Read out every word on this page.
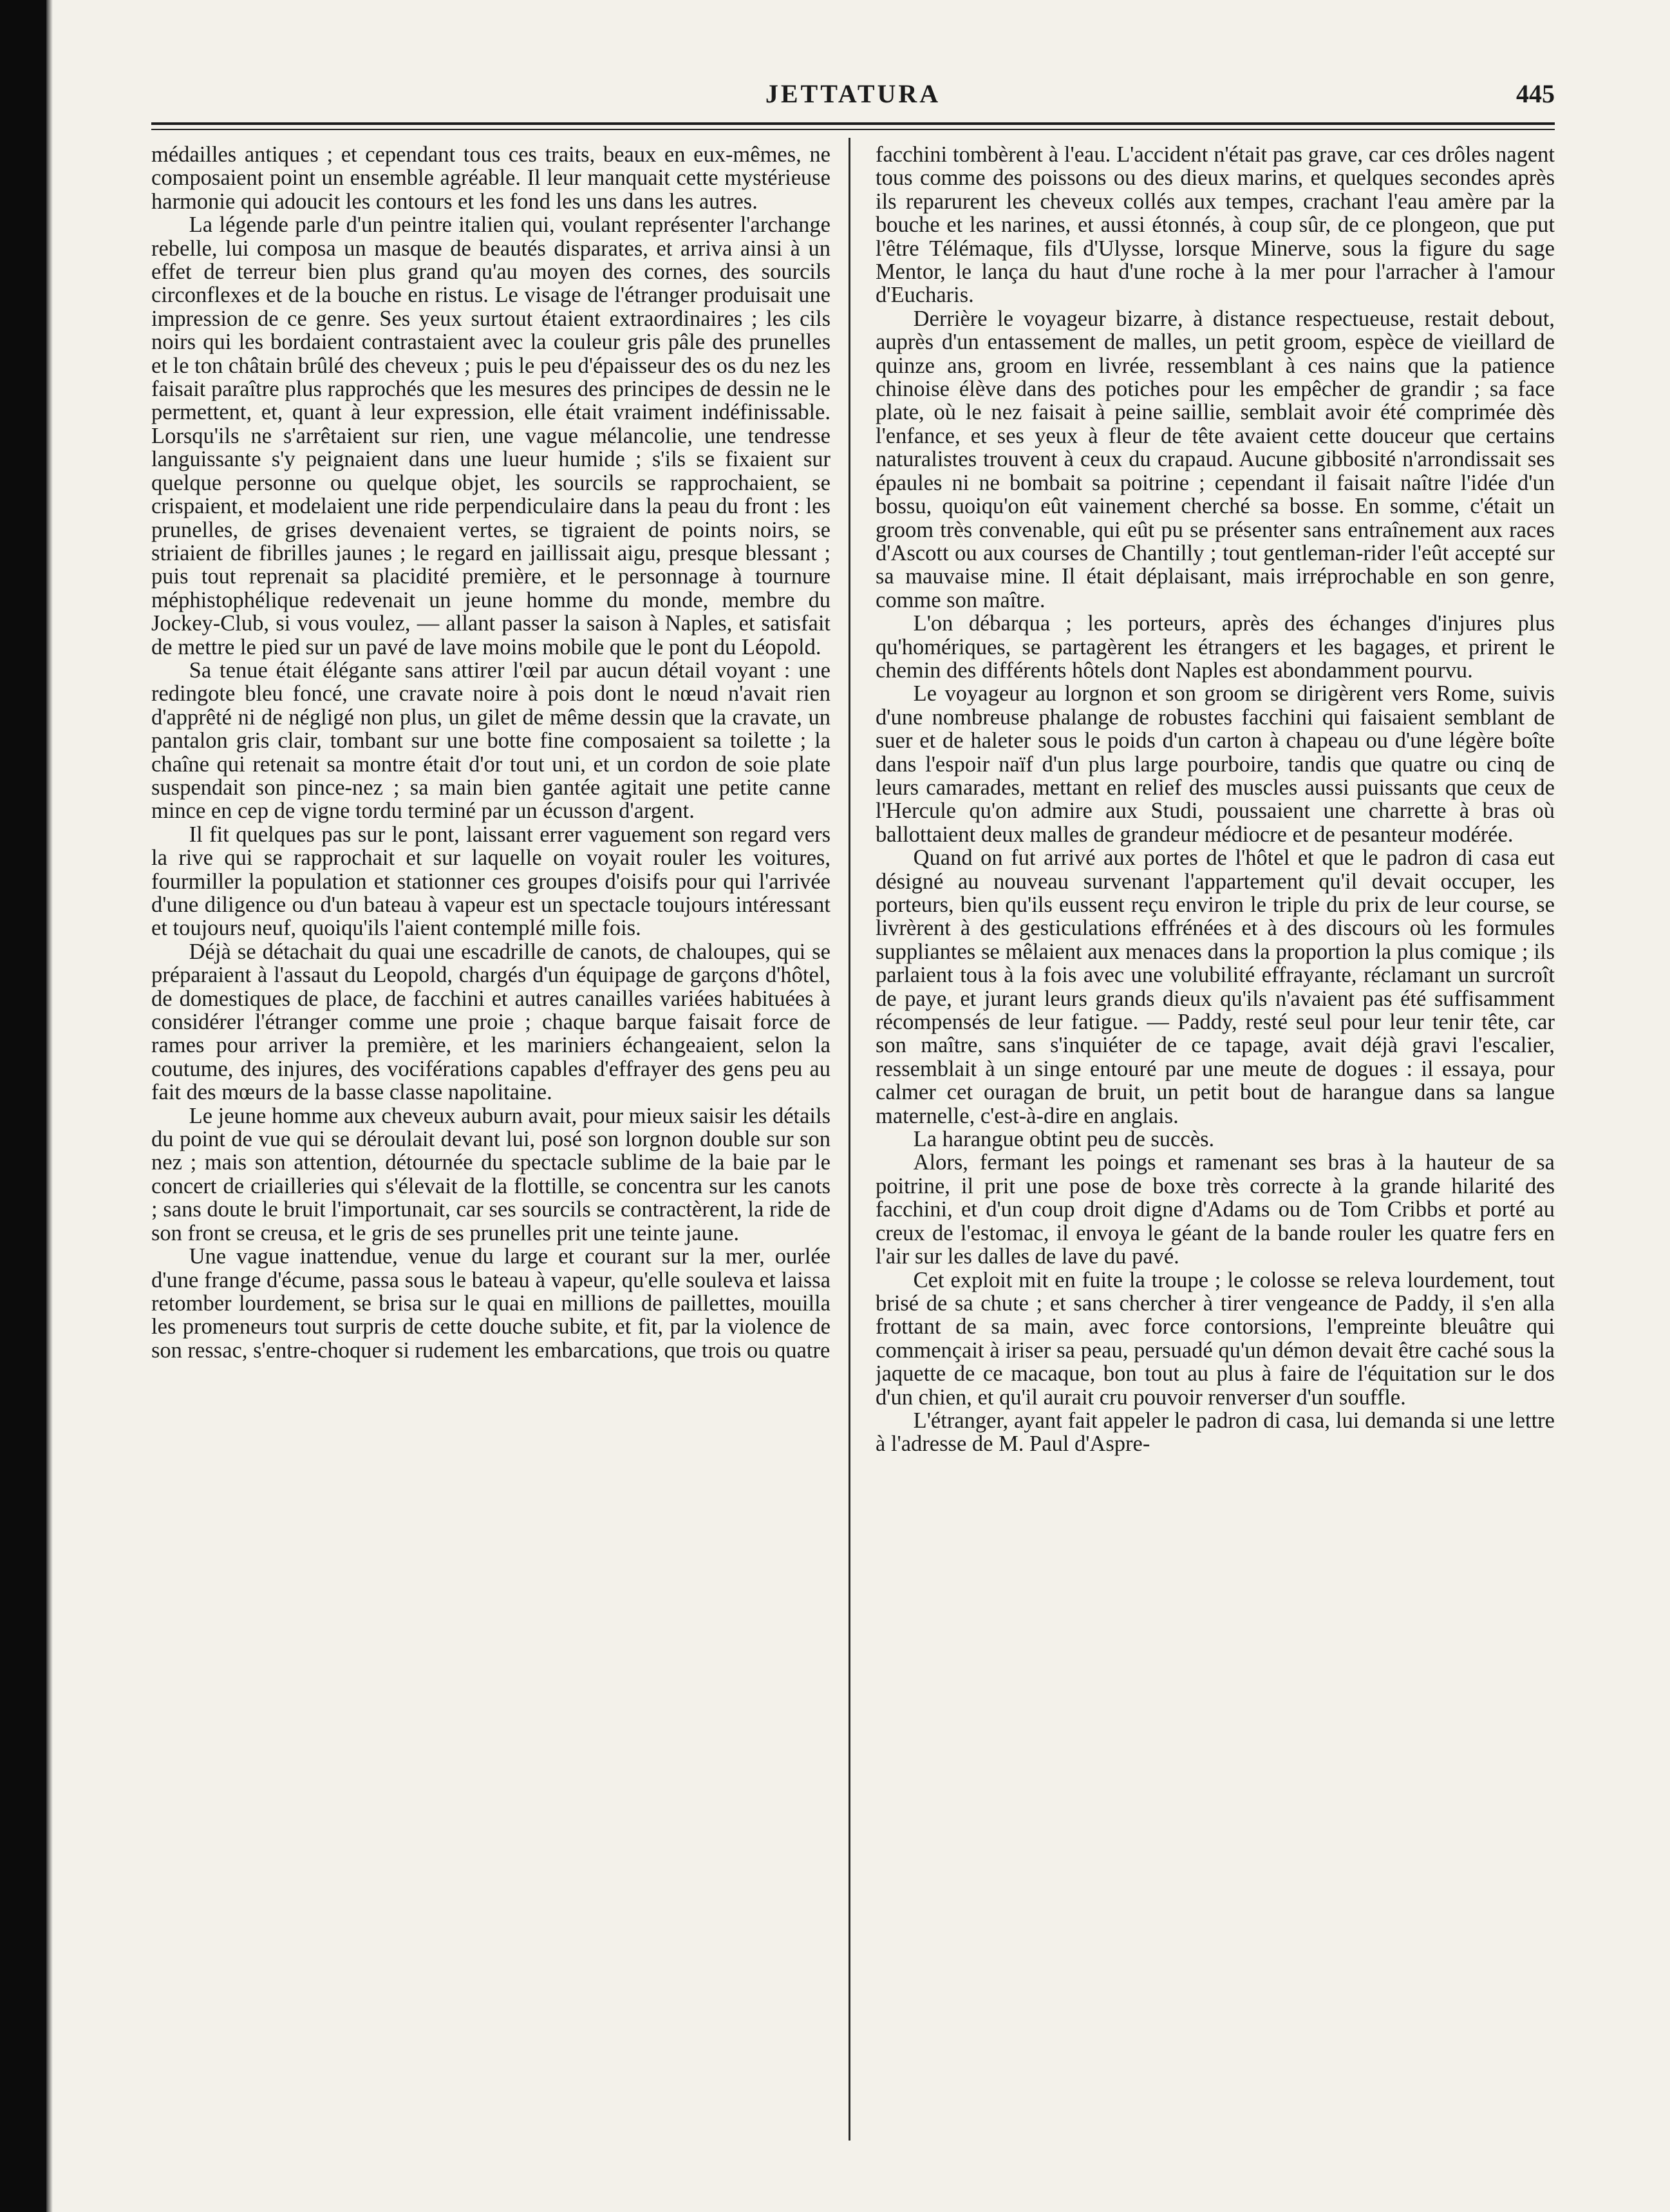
JETTATURA	445

médailles antiques ; et cependant tous ces traits, beaux en eux-mêmes, ne composaient point un ensemble agréable. Il leur manquait cette mystérieuse harmonie qui adoucit les contours et les fond les uns dans les autres.

La légende parle d'un peintre italien qui, voulant représenter l'archange rebelle, lui composa un masque de beautés disparates, et arriva ainsi à un effet de terreur bien plus grand qu'au moyen des cornes, des sourcils circonflexes et de la bouche en ristus. Le visage de l'étranger produisait une impression de ce genre. Ses yeux surtout étaient extraordinaires ; les cils noirs qui les bordaient contrastaient avec la couleur gris pâle des prunelles et le ton châtain brûlé des cheveux ; puis le peu d'épaisseur des os du nez les faisait paraître plus rapprochés que les mesures des principes de dessin ne le permettent, et, quant à leur expression, elle était vraiment indéfinissable. Lorsqu'ils ne s'arrêtaient sur rien, une vague mélancolie, une tendresse languissante s'y peignaient dans une lueur humide ; s'ils se fixaient sur quelque personne ou quelque objet, les sourcils se rapprochaient, se crispaient, et modelaient une ride perpendiculaire dans la peau du front : les prunelles, de grises devenaient vertes, se tigraient de points noirs, se striaient de fibrilles jaunes ; le regard en jaillissait aigu, presque blessant ; puis tout reprenait sa placidité première, et le personnage à tournure méphistophélique redevenait un jeune homme du monde, membre du Jockey-Club, si vous voulez, — allant passer la saison à Naples, et satisfait de mettre le pied sur un pavé de lave moins mobile que le pont du Léopold.

Sa tenue était élégante sans attirer l'œil par aucun détail voyant : une redingote bleu foncé, une cravate noire à pois dont le nœud n'avait rien d'apprêté ni de négligé non plus, un gilet de même dessin que la cravate, un pantalon gris clair, tombant sur une botte fine composaient sa toilette ; la chaîne qui retenait sa montre était d'or tout uni, et un cordon de soie plate suspendait son pince-nez ; sa main bien gantée agitait une petite canne mince en cep de vigne tordu terminé par un écusson d'argent.

Il fit quelques pas sur le pont, laissant errer vaguement son regard vers la rive qui se rapprochait et sur laquelle on voyait rouler les voitures, fourmiller la population et stationner ces groupes d'oisifs pour qui l'arrivée d'une diligence ou d'un bateau à vapeur est un spectacle toujours intéressant et toujours neuf, quoiqu'ils l'aient contemplé mille fois.

Déjà se détachait du quai une escadrille de canots, de chaloupes, qui se préparaient à l'assaut du Leopold, chargés d'un équipage de garçons d'hôtel, de domestiques de place, de facchini et autres canailles variées habituées à considérer l'étranger comme une proie ; chaque barque faisait force de rames pour arriver la première, et les mariniers échangeaient, selon la coutume, des injures, des vociférations capables d'effrayer des gens peu au fait des mœurs de la basse classe napolitaine.

Le jeune homme aux cheveux auburn avait, pour mieux saisir les détails du point de vue qui se déroulait devant lui, posé son lorgnon double sur son nez ; mais son attention, détournée du spectacle sublime de la baie par le concert de criailleries qui s'élevait de la flottille, se concentra sur les canots ; sans doute le bruit l'importunait, car ses sourcils se contractèrent, la ride de son front se creusa, et le gris de ses prunelles prit une teinte jaune.

Une vague inattendue, venue du large et courant sur la mer, ourlée d'une frange d'écume, passa sous le bateau à vapeur, qu'elle souleva et laissa retomber lourdement, se brisa sur le quai en millions de paillettes, mouilla les promeneurs tout surpris de cette douche subite, et fit, par la violence de son ressac, s'entre-choquer si rudement les embarcations, que trois ou quatre

facchini tombèrent à l'eau. L'accident n'était pas grave, car ces drôles nagent tous comme des poissons ou des dieux marins, et quelques secondes après ils reparurent les cheveux collés aux tempes, crachant l'eau amère par la bouche et les narines, et aussi étonnés, à coup sûr, de ce plongeon, que put l'être Télémaque, fils d'Ulysse, lorsque Minerve, sous la figure du sage Mentor, le lança du haut d'une roche à la mer pour l'arracher à l'amour d'Eucharis.

Derrière le voyageur bizarre, à distance respectueuse, restait debout, auprès d'un entassement de malles, un petit groom, espèce de vieillard de quinze ans, groom en livrée, ressemblant à ces nains que la patience chinoise élève dans des potiches pour les empêcher de grandir ; sa face plate, où le nez faisait à peine saillie, semblait avoir été comprimée dès l'enfance, et ses yeux à fleur de tête avaient cette douceur que certains naturalistes trouvent à ceux du crapaud. Aucune gibbosité n'arrondissait ses épaules ni ne bombait sa poitrine ; cependant il faisait naître l'idée d'un bossu, quoiqu'on eût vainement cherché sa bosse. En somme, c'était un groom très convenable, qui eût pu se présenter sans entraînement aux races d'Ascott ou aux courses de Chantilly ; tout gentleman-rider l'eût accepté sur sa mauvaise mine. Il était déplaisant, mais irréprochable en son genre, comme son maître.

L'on débarqua ; les porteurs, après des échanges d'injures plus qu'homériques, se partagèrent les étrangers et les bagages, et prirent le chemin des différents hôtels dont Naples est abondamment pourvu.

Le voyageur au lorgnon et son groom se dirigèrent vers Rome, suivis d'une nombreuse phalange de robustes facchini qui faisaient semblant de suer et de haleter sous le poids d'un carton à chapeau ou d'une légère boîte dans l'espoir naïf d'un plus large pourboire, tandis que quatre ou cinq de leurs camarades, mettant en relief des muscles aussi puissants que ceux de l'Hercule qu'on admire aux Studi, poussaient une charrette à bras où ballottaient deux malles de grandeur médiocre et de pesanteur modérée.

Quand on fut arrivé aux portes de l'hôtel et que le padron di casa eut désigné au nouveau survenant l'appartement qu'il devait occuper, les porteurs, bien qu'ils eussent reçu environ le triple du prix de leur course, se livrèrent à des gesticulations effrénées et à des discours où les formules suppliantes se mêlaient aux menaces dans la proportion la plus comique ; ils parlaient tous à la fois avec une volubilité effrayante, réclamant un surcroît de paye, et jurant leurs grands dieux qu'ils n'avaient pas été suffisamment récompensés de leur fatigue. — Paddy, resté seul pour leur tenir tête, car son maître, sans s'inquiéter de ce tapage, avait déjà gravi l'escalier, ressemblait à un singe entouré par une meute de dogues : il essaya, pour calmer cet ouragan de bruit, un petit bout de harangue dans sa langue maternelle, c'est-à-dire en anglais.

La harangue obtint peu de succès.

Alors, fermant les poings et ramenant ses bras à la hauteur de sa poitrine, il prit une pose de boxe très correcte à la grande hilarité des facchini, et d'un coup droit digne d'Adams ou de Tom Cribbs et porté au creux de l'estomac, il envoya le géant de la bande rouler les quatre fers en l'air sur les dalles de lave du pavé.

Cet exploit mit en fuite la troupe ; le colosse se releva lourdement, tout brisé de sa chute ; et sans chercher à tirer vengeance de Paddy, il s'en alla frottant de sa main, avec force contorsions, l'empreinte bleuâtre qui commençait à iriser sa peau, persuadé qu'un démon devait être caché sous la jaquette de ce macaque, bon tout au plus à faire de l'équitation sur le dos d'un chien, et qu'il aurait cru pouvoir renverser d'un souffle.

L'étranger, ayant fait appeler le padron di casa, lui demanda si une lettre à l'adresse de M. Paul d'Aspre-
